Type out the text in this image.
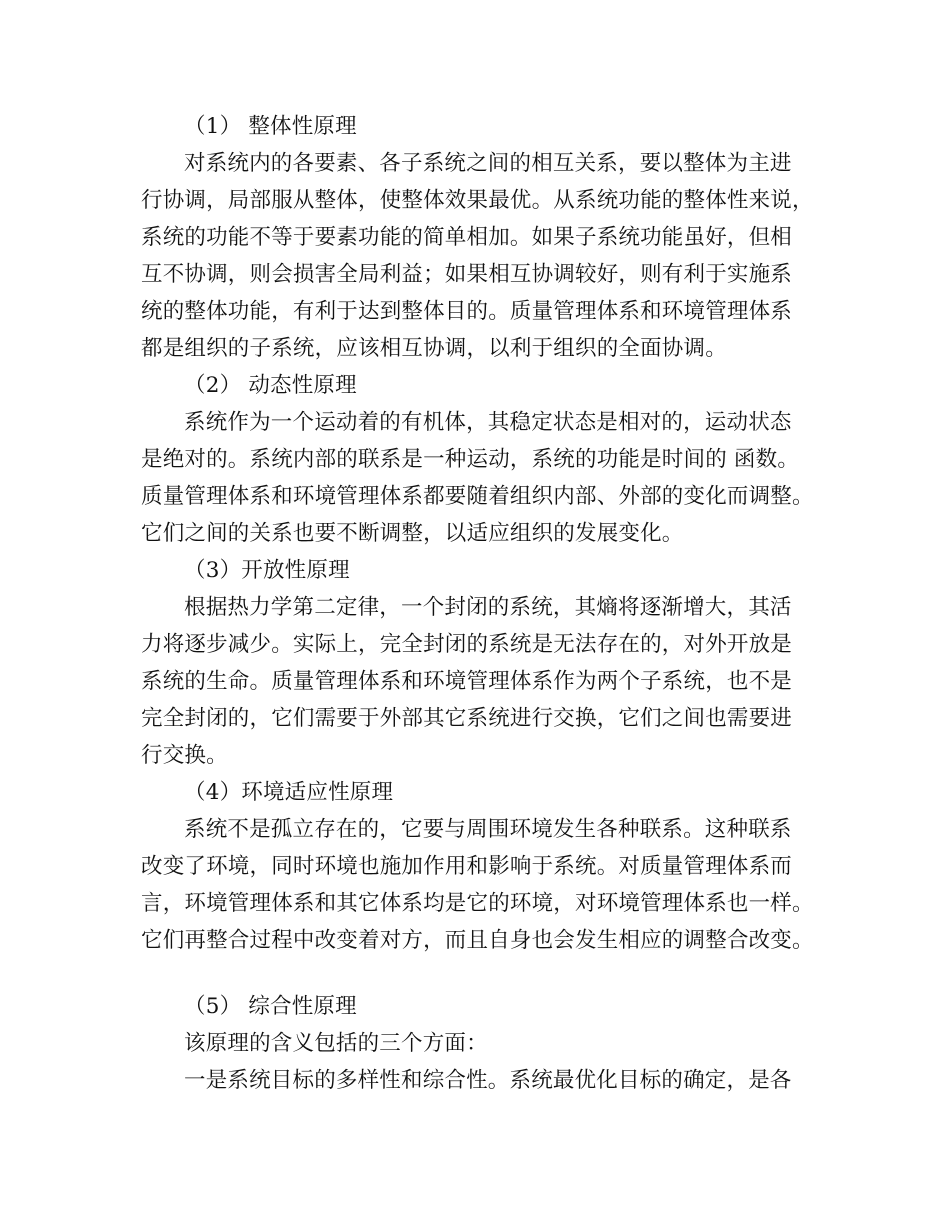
（1） 整体性原理
对系统内的各要素、各子系统之间的相互关系，要以整体为主进
行协调，局部服从整体，使整体效果最优。从系统功能的整体性来说，
系统的功能不等于要素功能的简单相加。如果子系统功能虽好，但相
互不协调，则会损害全局利益；如果相互协调较好，则有利于实施系
统的整体功能，有利于达到整体目的。质量管理体系和环境管理体系
都是组织的子系统，应该相互协调，以利于组织的全面协调。
（2） 动态性原理
系统作为一个运动着的有机体，其稳定状态是相对的，运动状态
是绝对的。系统内部的联系是一种运动，系统的功能是时间的 函数。
质量管理体系和环境管理体系都要随着组织内部、外部的变化而调整。
它们之间的关系也要不断调整，以适应组织的发展变化。
（3）开放性原理
根据热力学第二定律，一个封闭的系统，其熵将逐渐增大，其活
力将逐步减少。实际上，完全封闭的系统是无法存在的，对外开放是
系统的生命。质量管理体系和环境管理体系作为两个子系统，也不是
完全封闭的，它们需要于外部其它系统进行交换，它们之间也需要进
行交换。
（4）环境适应性原理
系统不是孤立存在的，它要与周围环境发生各种联系。这种联系
改变了环境，同时环境也施加作用和影响于系统。对质量管理体系而
言，环境管理体系和其它体系均是它的环境，对环境管理体系也一样。
它们再整合过程中改变着对方，而且自身也会发生相应的调整合改变。
（5） 综合性原理
该原理的含义包括的三个方面：
一是系统目标的多样性和综合性。系统最优化目标的确定，是各
